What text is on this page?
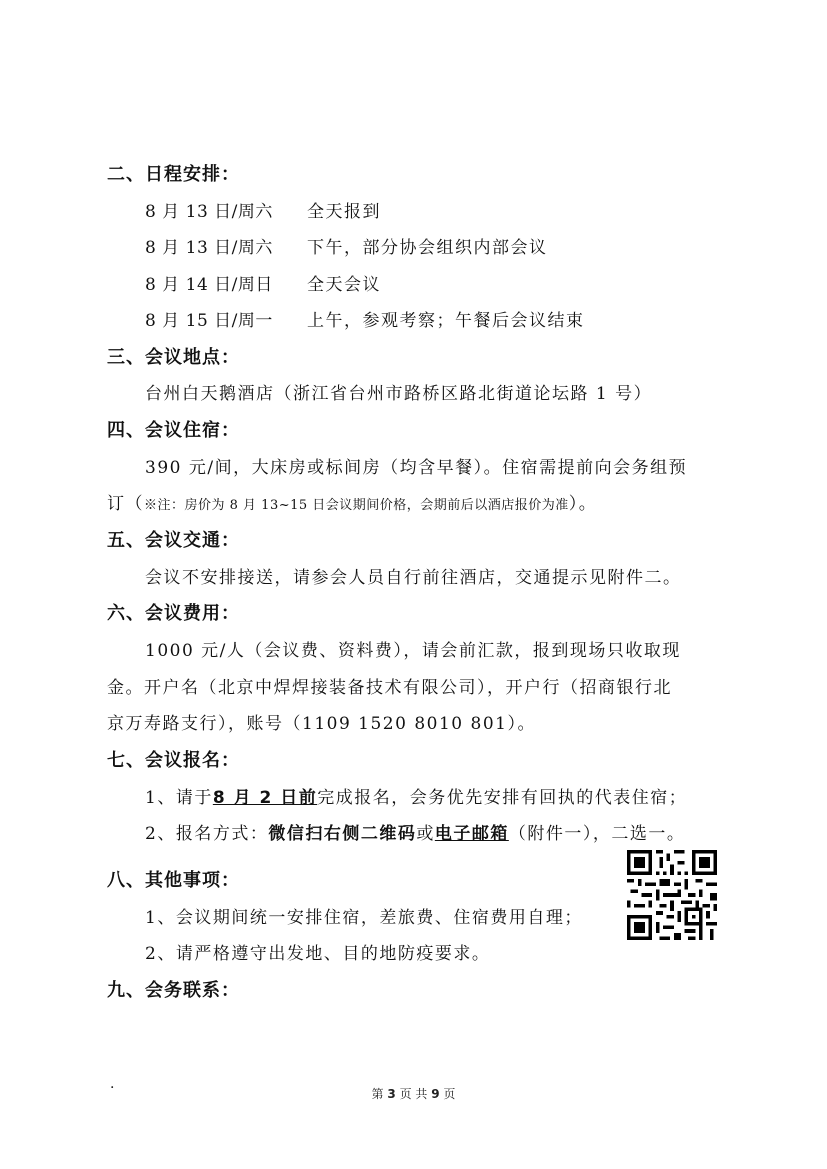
二、日程安排：
8 月 13 日/周六 全天报到
8 月 13 日/周六 下午，部分协会组织内部会议
8 月 14 日/周日 全天会议
8 月 15 日/周一 上午，参观考察；午餐后会议结束
三、会议地点：
台州白天鹅酒店（浙江省台州市路桥区路北街道论坛路 1 号）
四、会议住宿：
390 元/间，大床房或标间房（均含早餐）。住宿需提前向会务组预
订（※注：房价为 8 月 13~15 日会议期间价格，会期前后以酒店报价为准）。
五、会议交通：
会议不安排接送，请参会人员自行前往酒店，交通提示见附件二。
六、会议费用：
1000 元/人（会议费、资料费），请会前汇款，报到现场只收取现
金。开户名（北京中焊焊接装备技术有限公司），开户行（招商银行北
京万寿路支行），账号（1109 1520 8010 801）。
七、会议报名：
1、请于8 月 2 日前完成报名，会务优先安排有回执的代表住宿；
2、报名方式：微信扫右侧二维码或电子邮箱（附件一），二选一。
八、其他事项：
1、会议期间统一安排住宿，差旅费、住宿费用自理；
2、请严格遵守出发地、目的地防疫要求。
九、会务联系：
·	第 3 页 共 9 页
